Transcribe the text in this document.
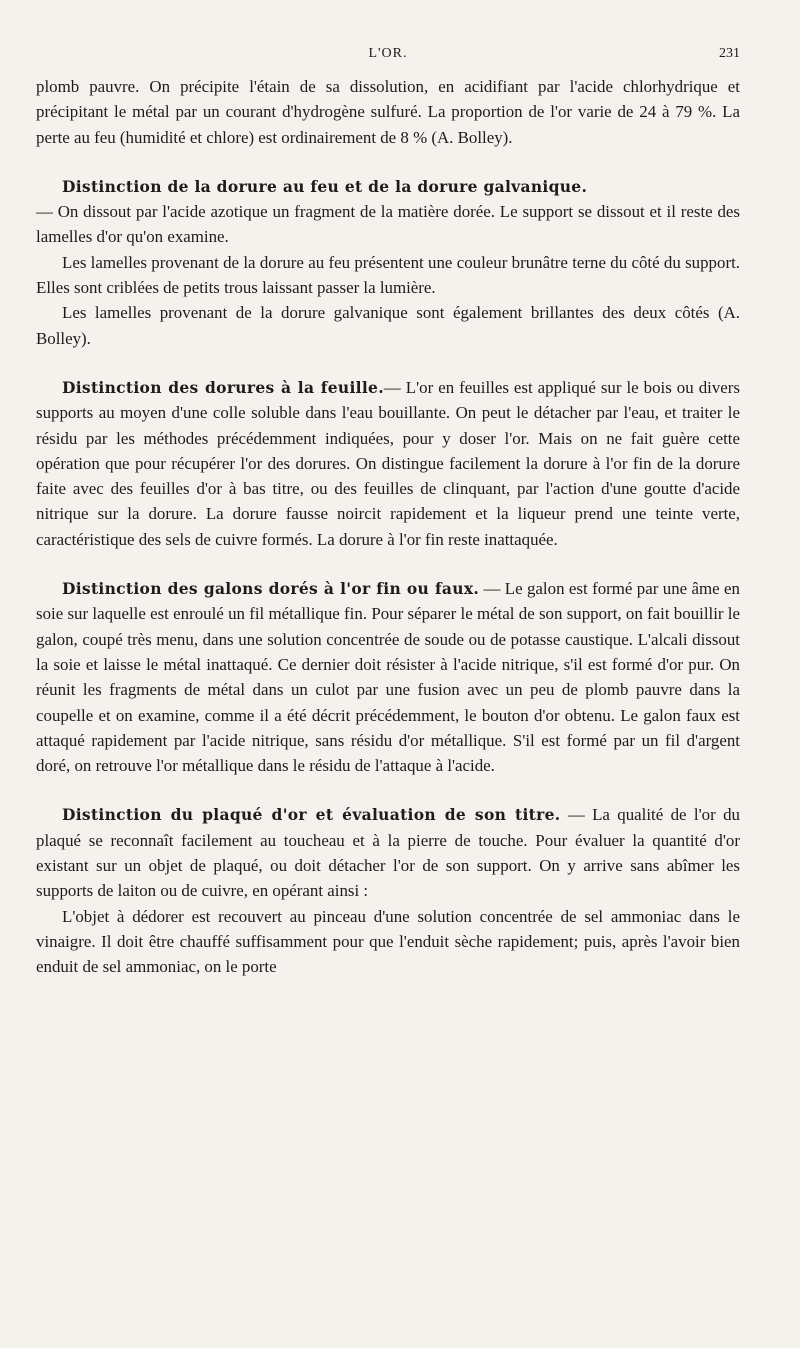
L'OR.	231

plomb pauvre. On précipite l'étain de sa dissolution, en acidifiant par l'acide chlorhydrique et précipitant le métal par un courant d'hydrogène sulfuré. La proportion de l'or varie de 24 à 79 %. La perte au feu (humidité et chlore) est ordinairement de 8 % (A. Bolley).

Distinction de la dorure au feu et de la dorure galvanique.
— On dissout par l'acide azotique un fragment de la matière dorée. Le support se dissout et il reste des lamelles d'or qu'on examine.

Les lamelles provenant de la dorure au feu présentent une couleur brunâtre terne du côté du support. Elles sont criblées de petits trous laissant passer la lumière.

Les lamelles provenant de la dorure galvanique sont également brillantes des deux côtés (A. Bolley).

Distinction des dorures à la feuille.— L'or en feuilles est appliqué sur le bois ou divers supports au moyen d'une colle soluble dans l'eau bouillante. On peut le détacher par l'eau, et traiter le résidu par les méthodes précédemment indiquées, pour y doser l'or. Mais on ne fait guère cette opération que pour récupérer l'or des dorures. On distingue facilement la dorure à l'or fin de la dorure faite avec des feuilles d'or à bas titre, ou des feuilles de clinquant, par l'action d'une goutte d'acide nitrique sur la dorure. La dorure fausse noircit rapidement et la liqueur prend une teinte verte, caractéristique des sels de cuivre formés. La dorure à l'or fin reste inattaquée.

Distinction des galons dorés à l'or fin ou faux. — Le galon est formé par une âme en soie sur laquelle est enroulé un fil métallique fin. Pour séparer le métal de son support, on fait bouillir le galon, coupé très menu, dans une solution concentrée de soude ou de potasse caustique. L'alcali dissout la soie et laisse le métal inattaqué. Ce dernier doit résister à l'acide nitrique, s'il est formé d'or pur. On réunit les fragments de métal dans un culot par une fusion avec un peu de plomb pauvre dans la coupelle et on examine, comme il a été décrit précédemment, le bouton d'or obtenu. Le galon faux est attaqué rapidement par l'acide nitrique, sans résidu d'or métallique. S'il est formé par un fil d'argent doré, on retrouve l'or métallique dans le résidu de l'attaque à l'acide.

Distinction du plaqué d'or et évaluation de son titre. — La qualité de l'or du plaqué se reconnaît facilement au toucheau et à la pierre de touche. Pour évaluer la quantité d'or existant sur un objet de plaqué, ou doit détacher l'or de son support. On y arrive sans abîmer les supports de laiton ou de cuivre, en opérant ainsi :

L'objet à dédorer est recouvert au pinceau d'une solution concentrée de sel ammoniac dans le vinaigre. Il doit être chauffé suffisamment pour que l'enduit sèche rapidement; puis, après l'avoir bien enduit de sel ammoniac, on le porte
